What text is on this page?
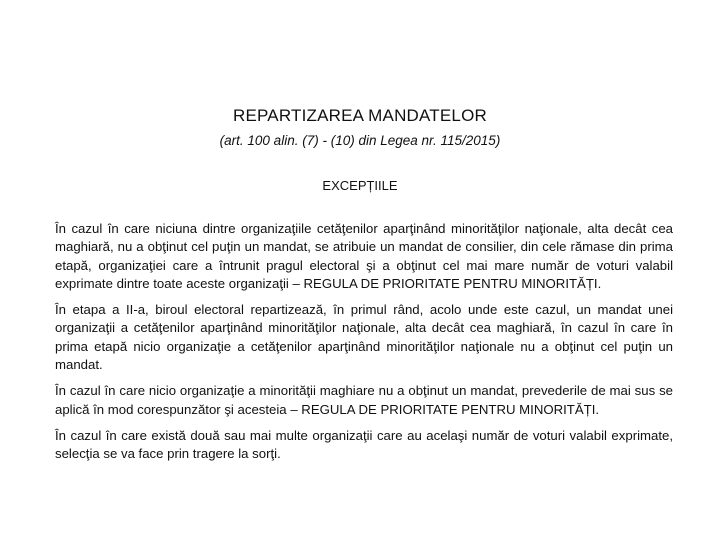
REPARTIZAREA MANDATELOR

(art. 100 alin. (7) - (10) din Legea nr. 115/2015)

EXCEPȚIILE

În cazul în care niciuna dintre organizaţiile cetăţenilor aparţinând minorităţilor naţionale, alta decât cea maghiară, nu a obţinut cel puţin un mandat, se atribuie un mandat de consilier, din cele rămase din prima etapă, organizaţiei care a întrunit pragul electoral şi a obţinut cel mai mare număr de voturi valabil exprimate dintre toate aceste organizaţii – REGULA DE PRIORITATE PENTRU MINORITĂȚI.

În etapa a II-a, biroul electoral repartizează, în primul rând, acolo unde este cazul, un mandat unei organizaţii a cetăţenilor aparţinând minorităţilor naţionale, alta decât cea maghiară, în cazul în care în prima etapă nicio organizaţie a cetăţenilor aparţinând minorităţilor naţionale nu a obţinut cel puţin un mandat.

În cazul în care nicio organizaţie a minorităţii maghiare nu a obţinut un mandat, prevederile de mai sus se aplică în mod corespunzător şi acesteia – REGULA DE PRIORITATE PENTRU MINORITĂȚI.

În cazul în care există două sau mai multe organizaţii care au acelaşi număr de voturi valabil exprimate, selecţia se va face prin tragere la sorţi.
